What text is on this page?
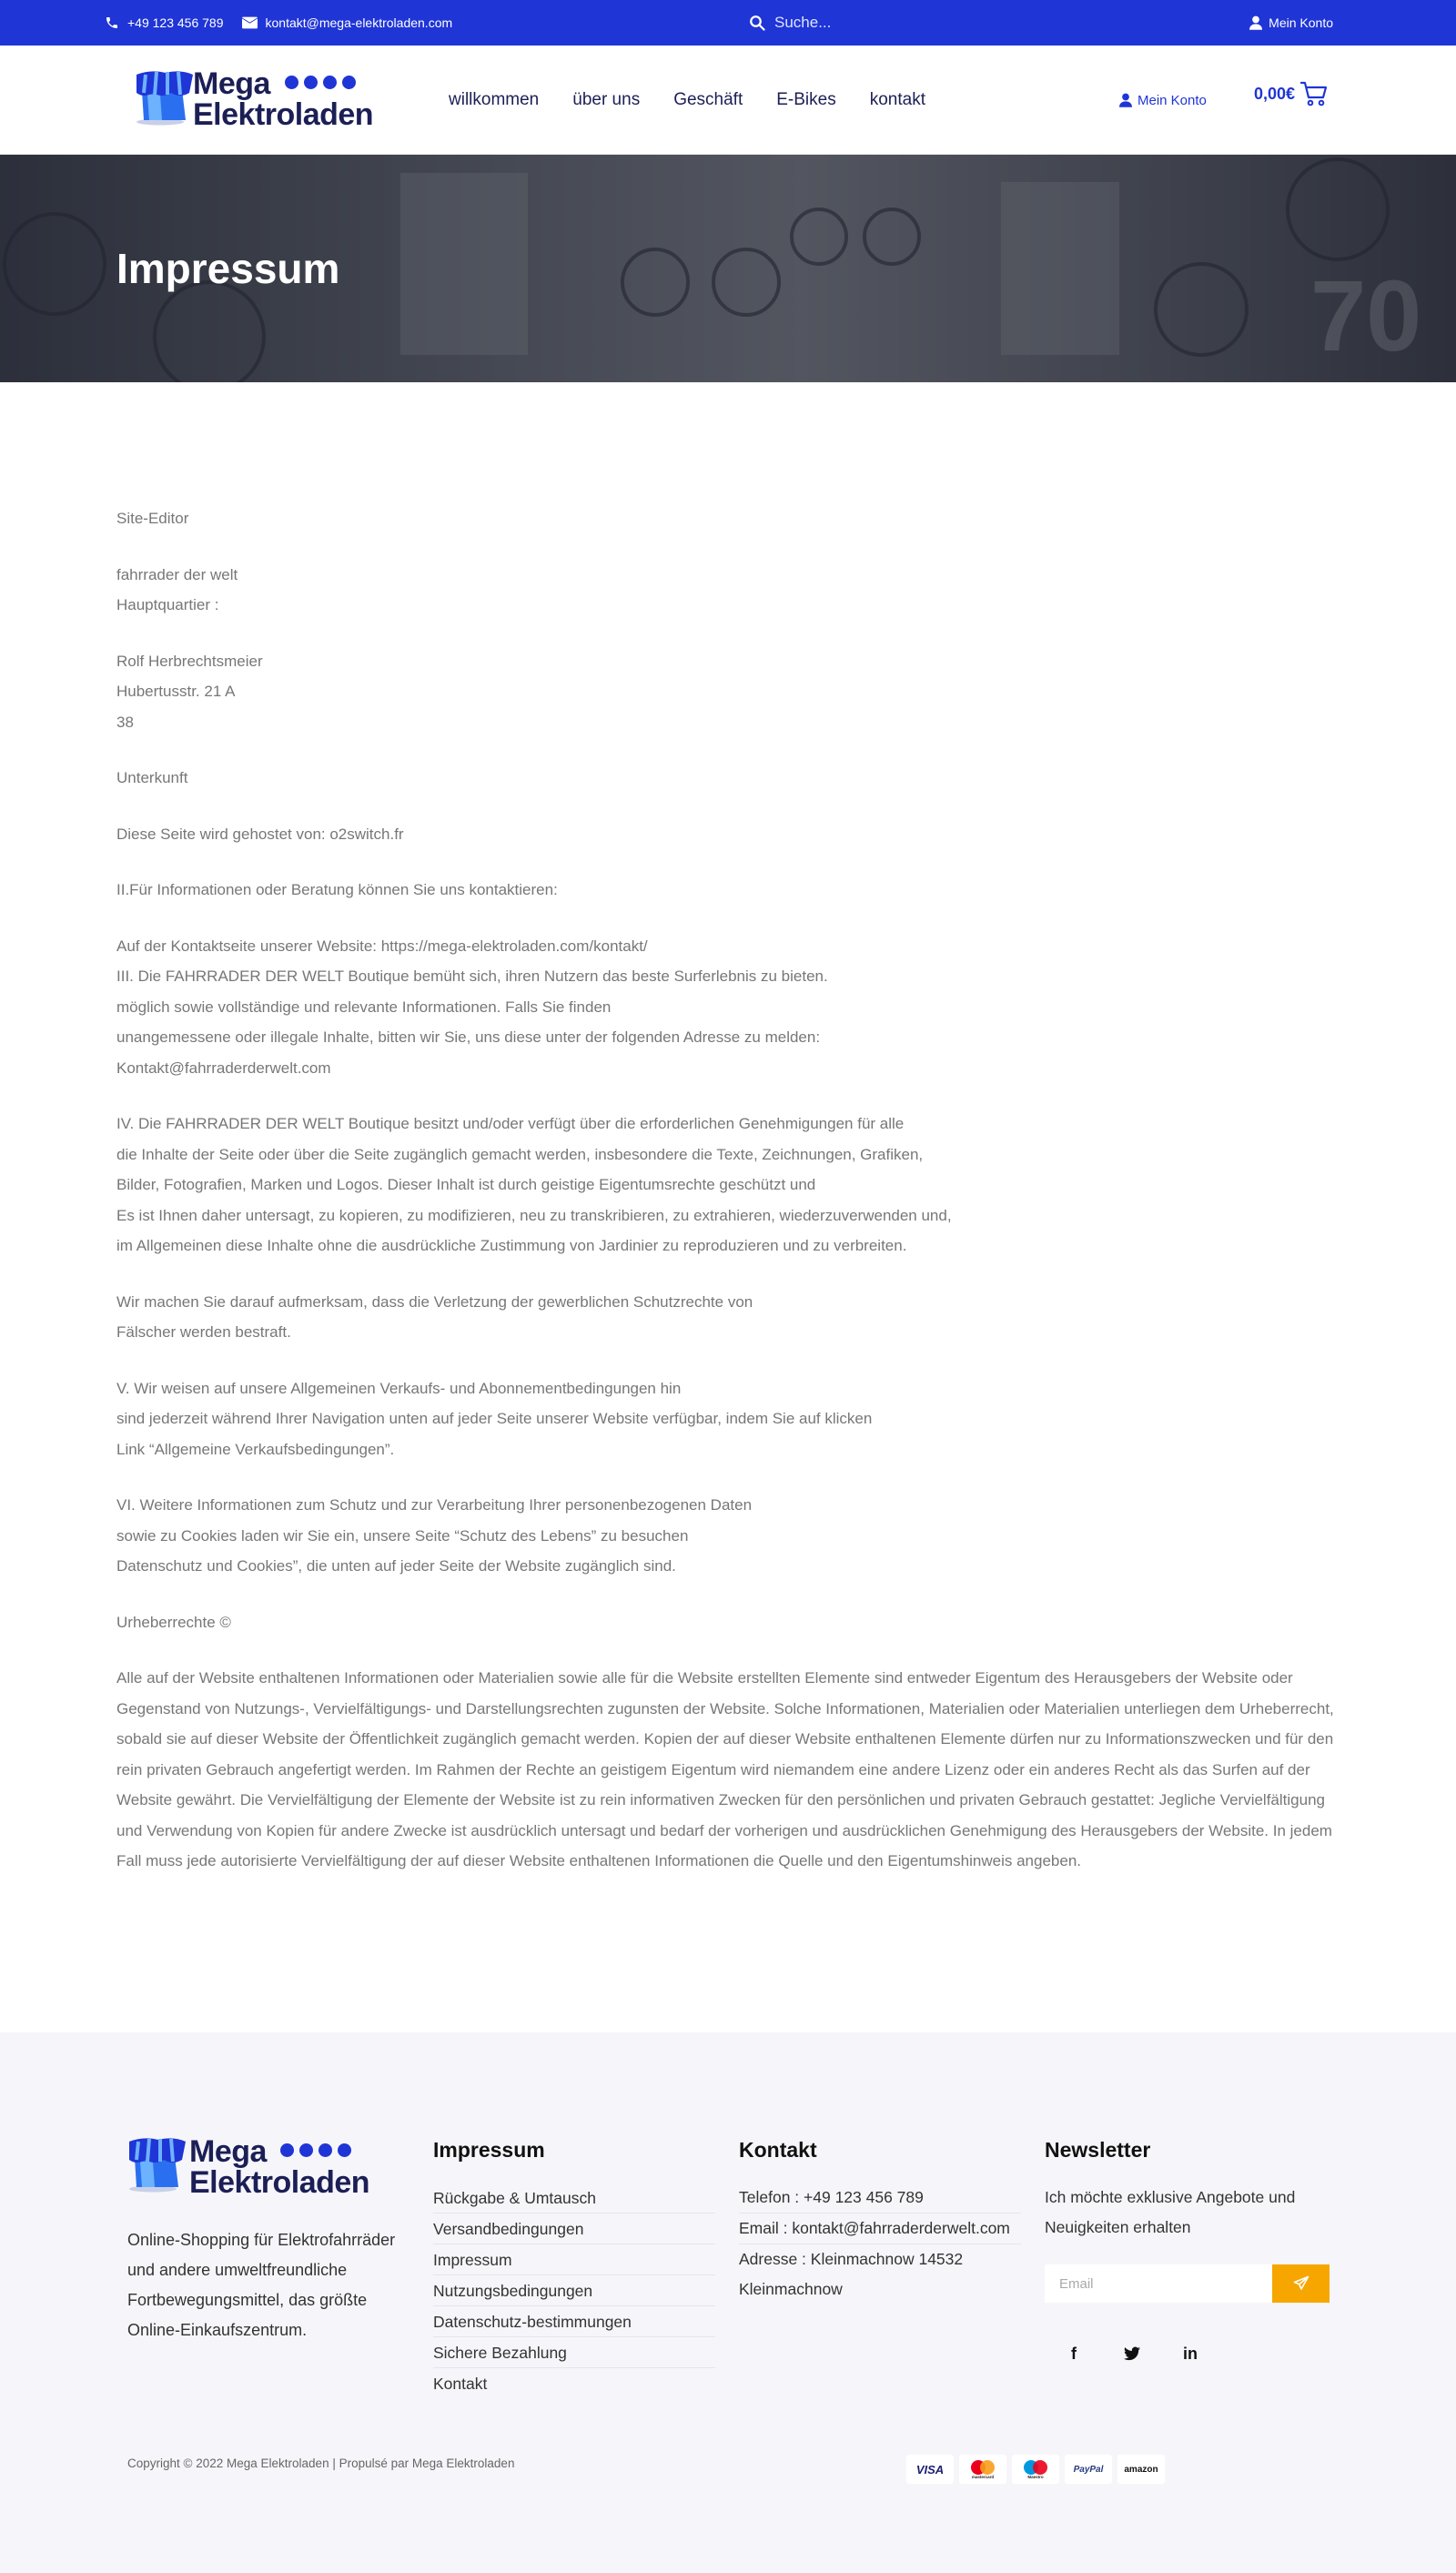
+49 123 456 789	kontakt@mega-elektroladen.com
Suche...	Mein Konto
Mega
Elektroladen	willkommen über uns Geschäft E-Bikes kontakt	Mein Konto	0,00€
70
Impressum

Site-Editor

fahrrader der welt
Hauptquartier :

Rolf Herbrechtsmeier
Hubertusstr. 21 A
38

Unterkunft

Diese Seite wird gehostet von: o2switch.fr

II.Für Informationen oder Beratung können Sie uns kontaktieren:

Auf der Kontaktseite unserer Website: https://mega-elektroladen.com/kontakt/
III. Die FAHRRADER DER WELT Boutique bemüht sich, ihren Nutzern das beste Surferlebnis zu bieten.
möglich sowie vollständige und relevante Informationen. Falls Sie finden
unangemessene oder illegale Inhalte, bitten wir Sie, uns diese unter der folgenden Adresse zu melden:
Kontakt@fahrraderderwelt.com

IV. Die FAHRRADER DER WELT Boutique besitzt und/oder verfügt über die erforderlichen Genehmigungen für alle
die Inhalte der Seite oder über die Seite zugänglich gemacht werden, insbesondere die Texte, Zeichnungen, Grafiken,
Bilder, Fotografien, Marken und Logos. Dieser Inhalt ist durch geistige Eigentumsrechte geschützt und
Es ist Ihnen daher untersagt, zu kopieren, zu modifizieren, neu zu transkribieren, zu extrahieren, wiederzuverwenden und,
im Allgemeinen diese Inhalte ohne die ausdrückliche Zustimmung von Jardinier zu reproduzieren und zu verbreiten.

Wir machen Sie darauf aufmerksam, dass die Verletzung der gewerblichen Schutzrechte von
Fälscher werden bestraft.

V. Wir weisen auf unsere Allgemeinen Verkaufs- und Abonnementbedingungen hin
sind jederzeit während Ihrer Navigation unten auf jeder Seite unserer Website verfügbar, indem Sie auf klicken
Link “Allgemeine Verkaufsbedingungen”.

VI. Weitere Informationen zum Schutz und zur Verarbeitung Ihrer personenbezogenen Daten
sowie zu Cookies laden wir Sie ein, unsere Seite “Schutz des Lebens” zu besuchen
Datenschutz und Cookies”, die unten auf jeder Seite der Website zugänglich sind.

Urheberrechte ©

Alle auf der Website enthaltenen Informationen oder Materialien sowie alle für die Website erstellten Elemente sind entweder Eigentum des Herausgebers der Website oder Gegenstand von Nutzungs-, Vervielfältigungs- und Darstellungsrechten zugunsten der Website. Solche Informationen, Materialien oder Materialien unterliegen dem Urheberrecht, sobald sie auf dieser Website der Öffentlichkeit zugänglich gemacht werden. Kopien der auf dieser Website enthaltenen Elemente dürfen nur zu Informationszwecken und für den rein privaten Gebrauch angefertigt werden. Im Rahmen der Rechte an geistigem Eigentum wird niemandem eine andere Lizenz oder ein anderes Recht als das Surfen auf der Website gewährt. Die Vervielfältigung der Elemente der Website ist zu rein informativen Zwecken für den persönlichen und privaten Gebrauch gestattet: Jegliche Vervielfältigung und Verwendung von Kopien für andere Zwecke ist ausdrücklich untersagt und bedarf der vorherigen und ausdrücklichen Genehmigung des Herausgebers der Website. In jedem Fall muss jede autorisierte Vervielfältigung der auf dieser Website enthaltenen Informationen die Quelle und den Eigentumshinweis angeben.

Mega
Elektroladen
Online-Shopping für Elektrofahrräder und andere umweltfreundliche Fortbewegungsmittel, das größte Online-Einkaufszentrum.
Impressum
Rückgabe & Umtausch
Versandbedingungen
Impressum
Nutzungsbedingungen
Datenschutz-bestimmungen
Sichere Bezahlung
Kontakt
Kontakt
Telefon : +49 123 456 789
Email : kontakt@fahrraderderwelt.com
Adresse : Kleinmachnow 14532
Kleinmachnow
Newsletter
Ich möchte exklusive Angebote und Neuigkeiten erhalten
Email
f	in
Copyright © 2022 Mega Elektroladen | Propulsé par Mega Elektroladen	VISA
mastercard	Maestro
PayPal amazon
